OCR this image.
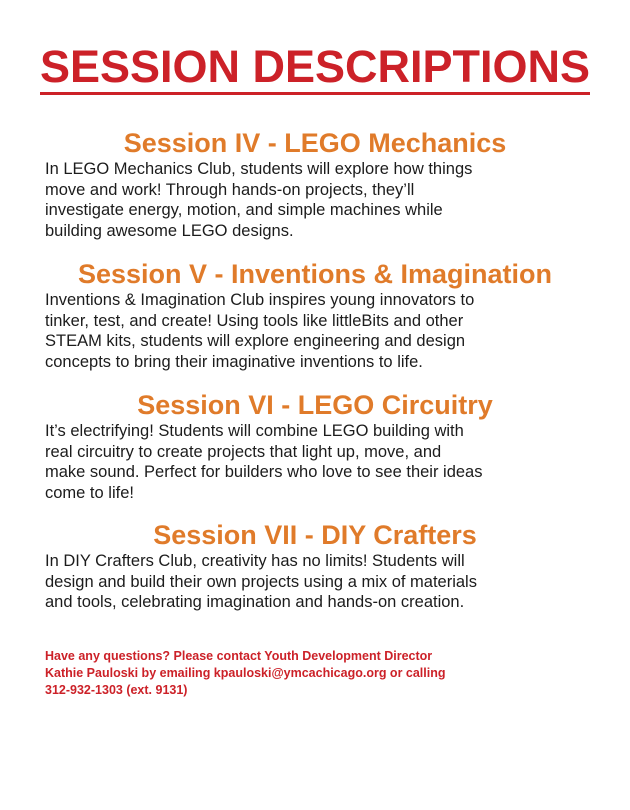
SESSION DESCRIPTIONS
Session IV - LEGO Mechanics

In LEGO Mechanics Club, students will explore how things
move and work! Through hands-on projects, they’ll
investigate energy, motion, and simple machines while
building awesome LEGO designs.

Session V - Inventions & Imagination

Inventions & Imagination Club inspires young innovators to
tinker, test, and create! Using tools like littleBits and other
STEAM kits, students will explore engineering and design
concepts to bring their imaginative inventions to life.

Session VI - LEGO Circuitry

It’s electrifying! Students will combine LEGO building with
real circuitry to create projects that light up, move, and
make sound. Perfect for builders who love to see their ideas
come to life!

Session VII - DIY Crafters

In DIY Crafters Club, creativity has no limits! Students will
design and build their own projects using a mix of materials
and tools, celebrating imagination and hands-on creation.

Have any questions? Please contact Youth Development Director
Kathie Pauloski by emailing kpauloski@ymcachicago.org or calling
312-932-1303 (ext. 9131)
